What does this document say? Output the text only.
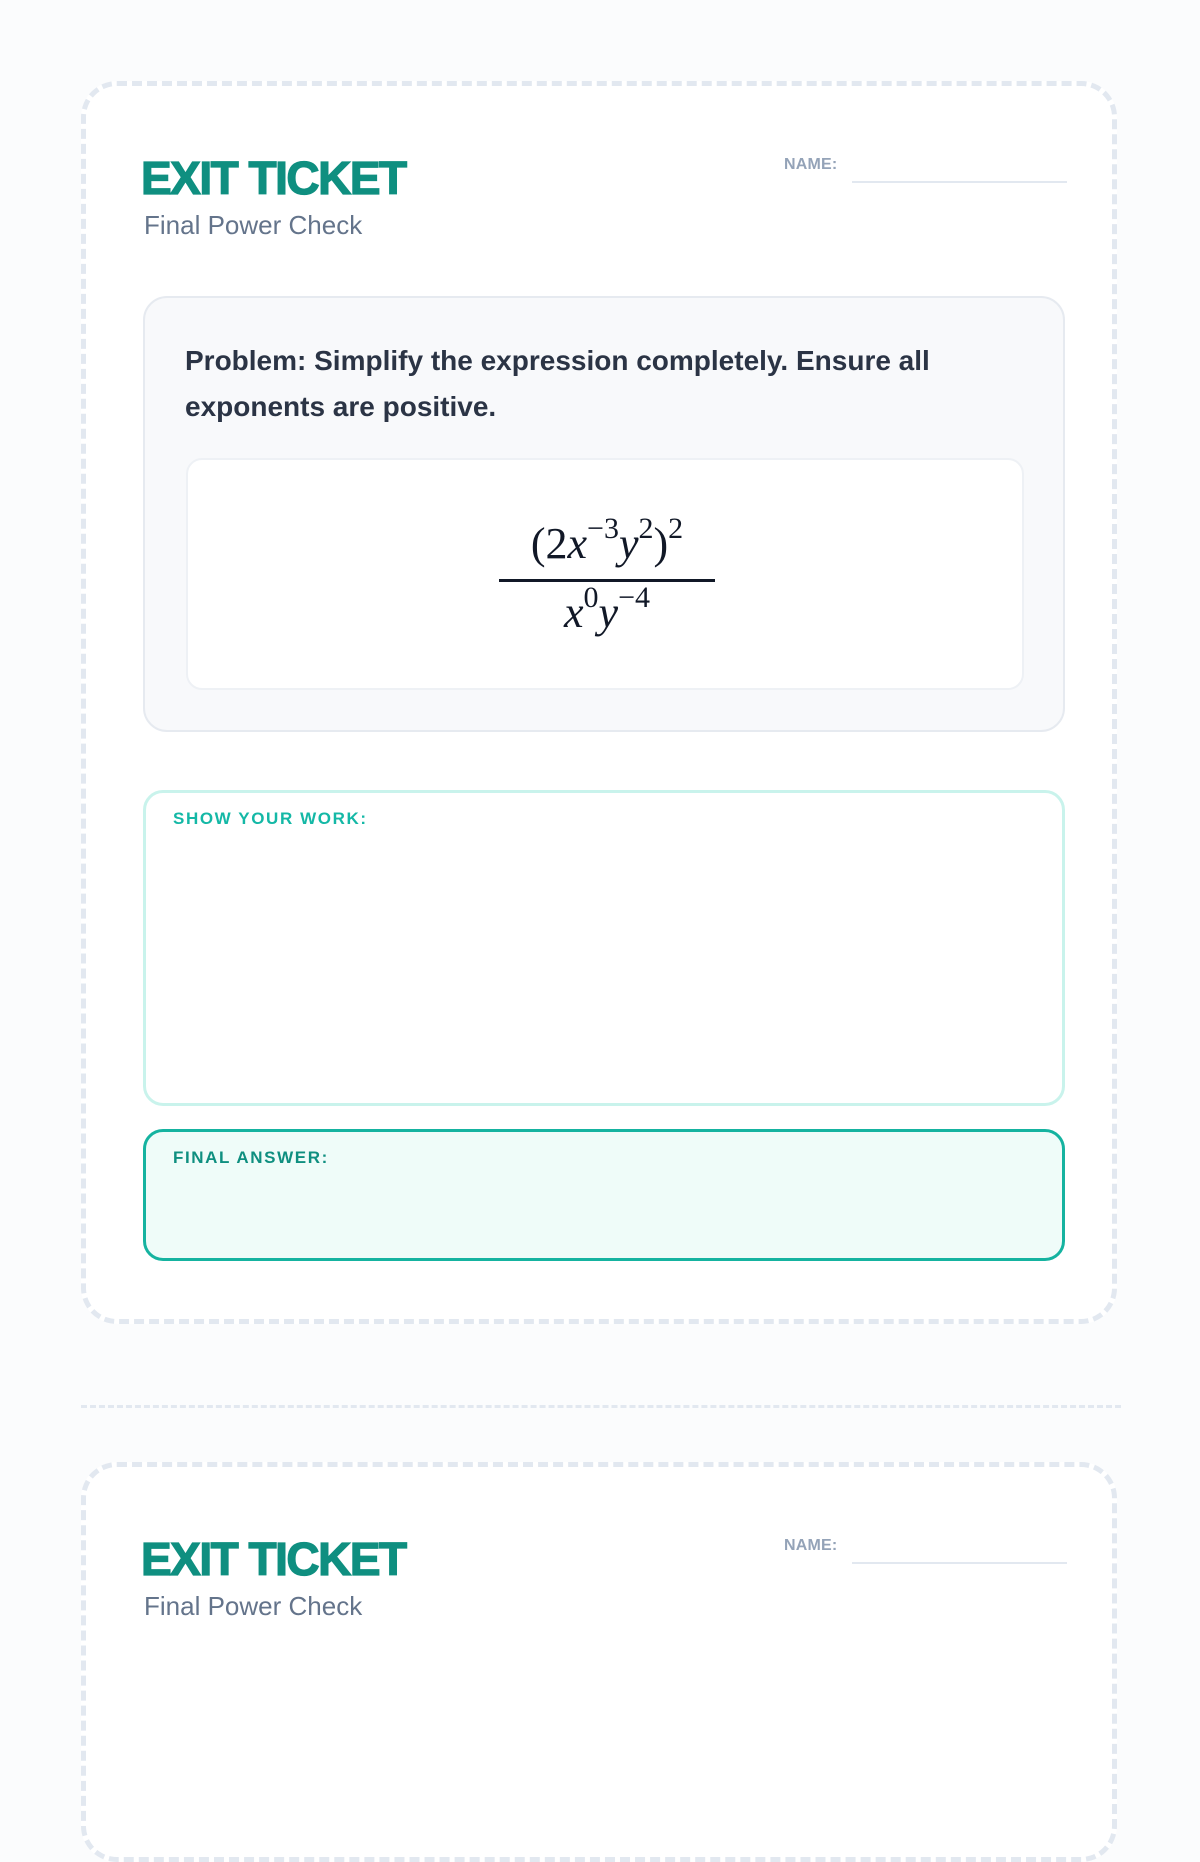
EXIT TICKET
Final Power Check
NAME:

Problem: Simplify the expression completely. Ensure all exponents are positive.

$(2x^{-3}y^2)^2$
$x^0y^{-4}$
SHOW YOUR WORK:
FINAL ANSWER:
EXIT TICKET
Final Power Check
NAME:
